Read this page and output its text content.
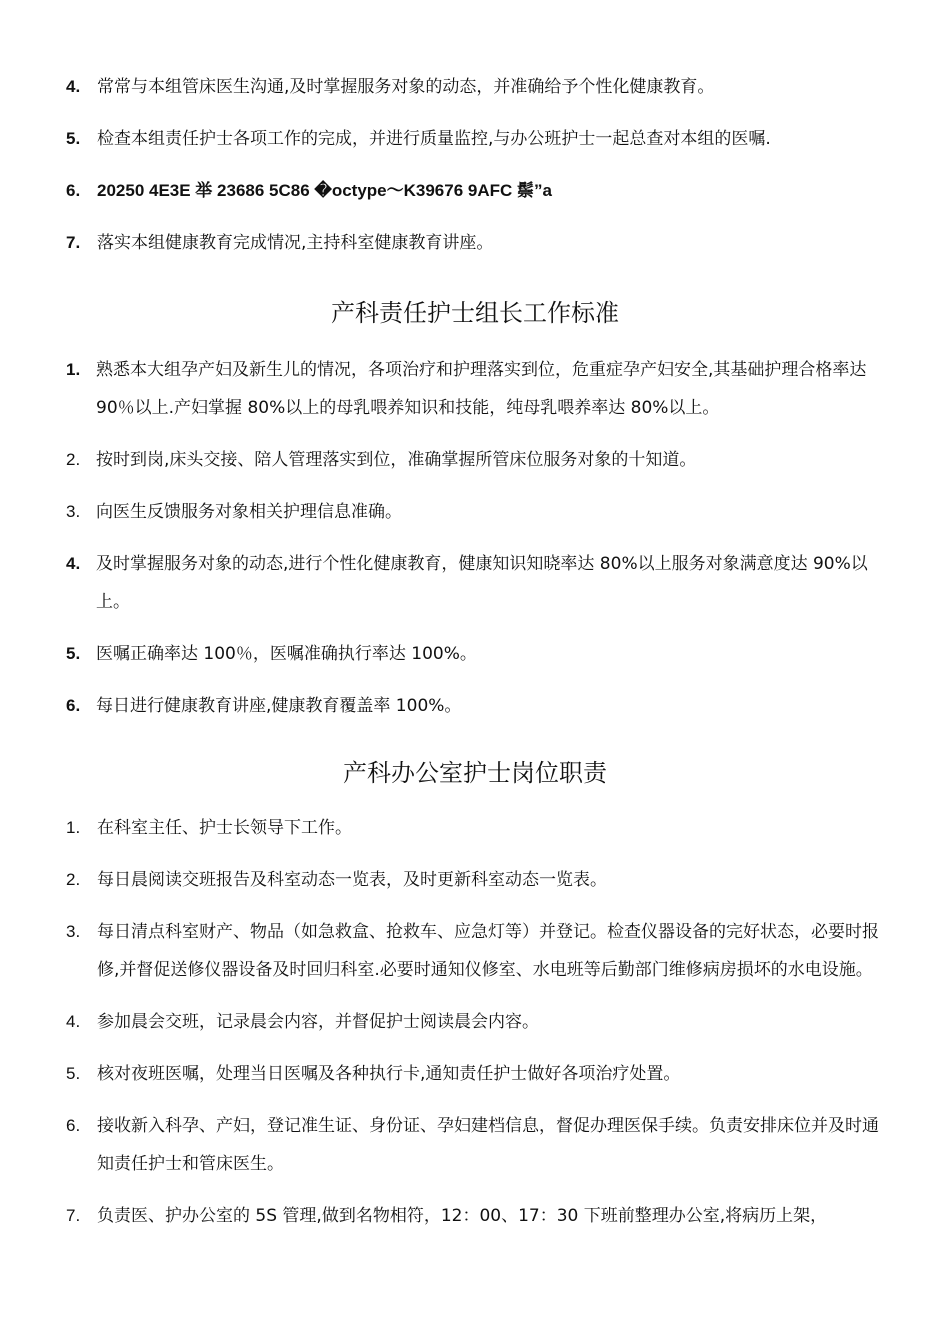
4. 常常与本组管床医生沟通,及时掌握服务对象的动态，并准确给予个性化健康教育。
5. 检查本组责任护士各项工作的完成，并进行质量监控,与办公班护士一起总查对本组的医嘱.
6. 20250 4E3E 举 23686 5C86 �octype～K39676 9AFC 鬃”a
7. 落实本组健康教育完成情况,主持科室健康教育讲座。
产科责任护士组长工作标准
1. 熟悉本大组孕产妇及新生儿的情况，各项治疗和护理落实到位，危重症孕产妇安全,其基础护理合格率达 90％以上.产妇掌握 80%以上的母乳喂养知识和技能，纯母乳喂养率达 80%以上。
2. 按时到岗,床头交接、陪人管理落实到位，准确掌握所管床位服务对象的十知道。
3. 向医生反馈服务对象相关护理信息准确。
4. 及时掌握服务对象的动态,进行个性化健康教育，健康知识知晓率达 80%以上服务对象满意度达 90%以上。
5. 医嘱正确率达 100％，医嘱准确执行率达 100%。
6. 每日进行健康教育讲座,健康教育覆盖率 100%。
产科办公室护士岗位职责
1. 在科室主任、护士长领导下工作。
2. 每日晨阅读交班报告及科室动态一览表，及时更新科室动态一览表。
3. 每日清点科室财产、物品（如急救盒、抢救车、应急灯等）并登记。检查仪器设备的完好状态，必要时报修,并督促送修仪器设备及时回归科室.必要时通知仪修室、水电班等后勤部门维修病房损坏的水电设施。
4. 参加晨会交班，记录晨会内容，并督促护士阅读晨会内容。
5. 核对夜班医嘱，处理当日医嘱及各种执行卡,通知责任护士做好各项治疗处置。
6. 接收新入科孕、产妇，登记准生证、身份证、孕妇建档信息，督促办理医保手续。负责安排床位并及时通知责任护士和管床医生。
7. 负责医、护办公室的 5S 管理,做到名物相符，12：00、17：30 下班前整理办公室,将病历上架，
